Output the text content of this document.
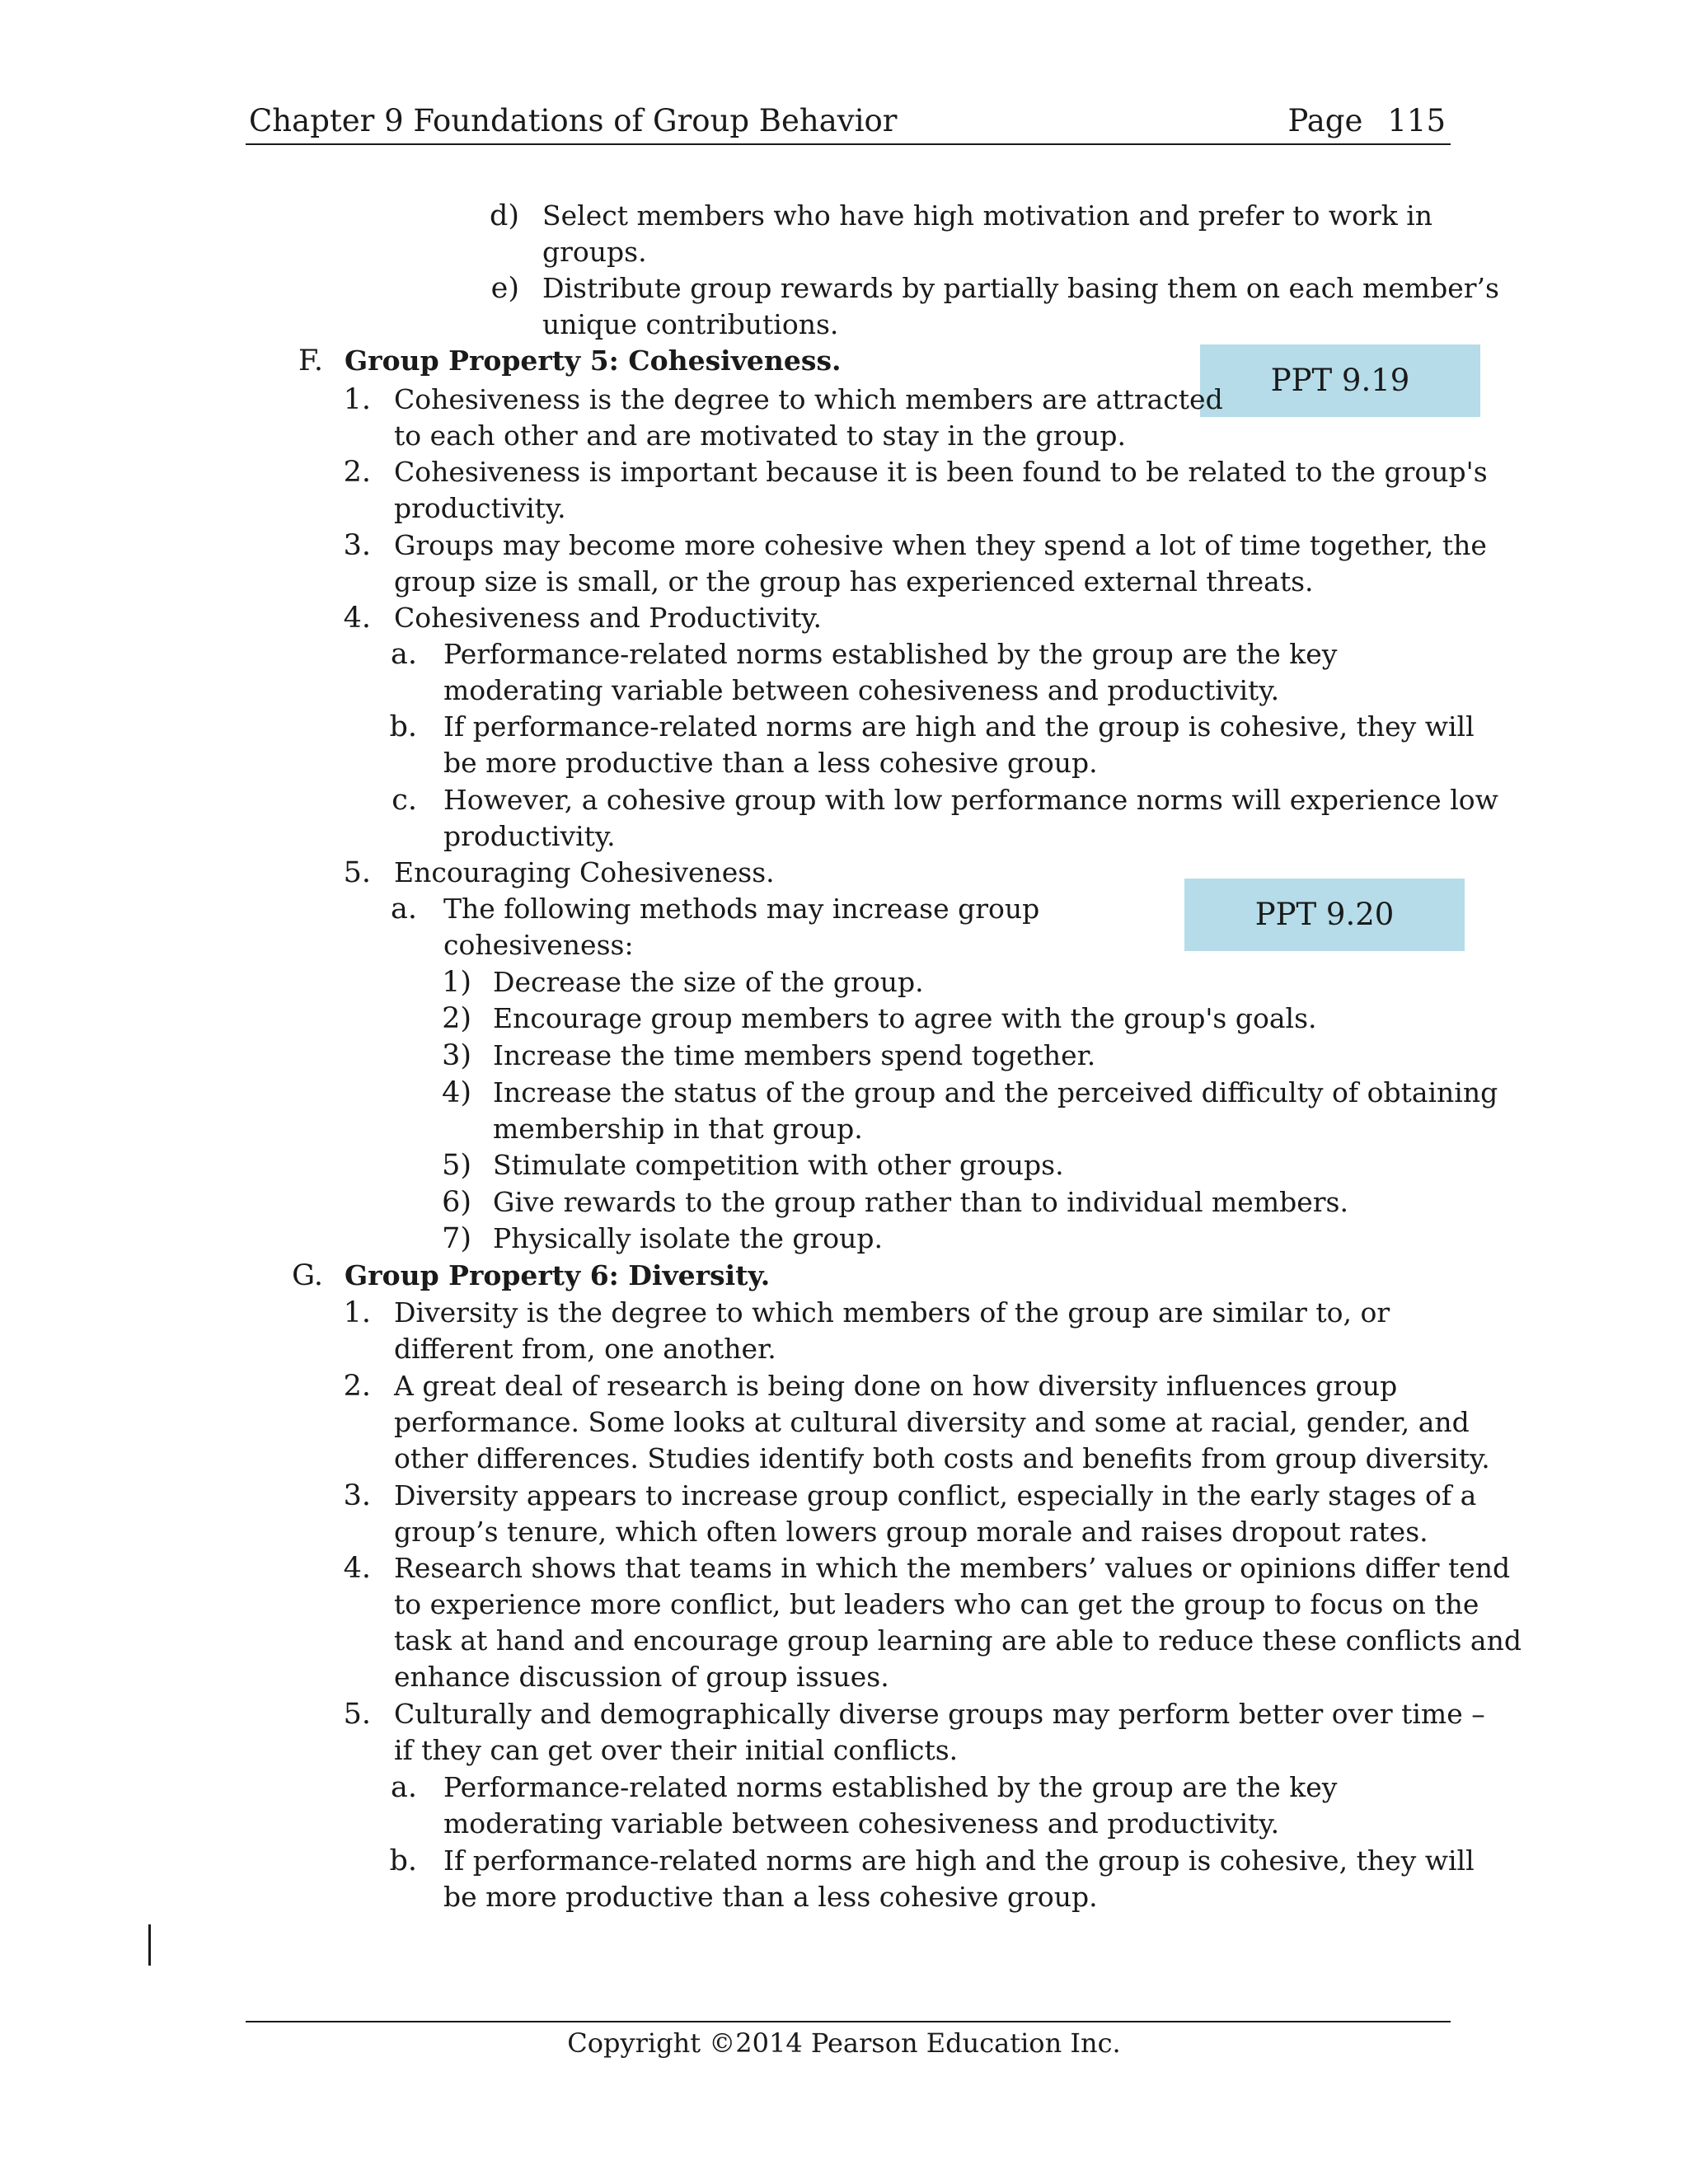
Chapter 9 Foundations of Group Behavior	Page 115
PPT 9.19
PPT 9.20
d) Select members who have high motivation and prefer to work in
groups.
e) Distribute group rewards by partially basing them on each member’s
unique contributions.
F. Group Property 5: Cohesiveness.
1. Cohesiveness is the degree to which members are attracted
to each other and are motivated to stay in the group.
2. Cohesiveness is important because it is been found to be related to the group's
productivity.
3. Groups may become more cohesive when they spend a lot of time together, the
group size is small, or the group has experienced external threats.
4. Cohesiveness and Productivity.
a. Performance-related norms established by the group are the key
moderating variable between cohesiveness and productivity.
b. If performance-related norms are high and the group is cohesive, they will
be more productive than a less cohesive group.
c. However, a cohesive group with low performance norms will experience low
productivity.
5. Encouraging Cohesiveness.
a. The following methods may increase group
cohesiveness:
1) Decrease the size of the group.
2) Encourage group members to agree with the group's goals.
3) Increase the time members spend together.
4) Increase the status of the group and the perceived difficulty of obtaining
membership in that group.
5) Stimulate competition with other groups.
6) Give rewards to the group rather than to individual members.
7) Physically isolate the group.
G. Group Property 6: Diversity.
1. Diversity is the degree to which members of the group are similar to, or
different from, one another.
2. A great deal of research is being done on how diversity influences group
performance. Some looks at cultural diversity and some at racial, gender, and
other differences. Studies identify both costs and benefits from group diversity.
3. Diversity appears to increase group conflict, especially in the early stages of a
group’s tenure, which often lowers group morale and raises dropout rates.
4. Research shows that teams in which the members’ values or opinions differ tend
to experience more conflict, but leaders who can get the group to focus on the
task at hand and encourage group learning are able to reduce these conflicts and
enhance discussion of group issues.
5. Culturally and demographically diverse groups may perform better over time –
if they can get over their initial conflicts.
a. Performance-related norms established by the group are the key
moderating variable between cohesiveness and productivity.
b. If performance-related norms are high and the group is cohesive, they will
be more productive than a less cohesive group.
Copyright ©2014 Pearson Education Inc.
